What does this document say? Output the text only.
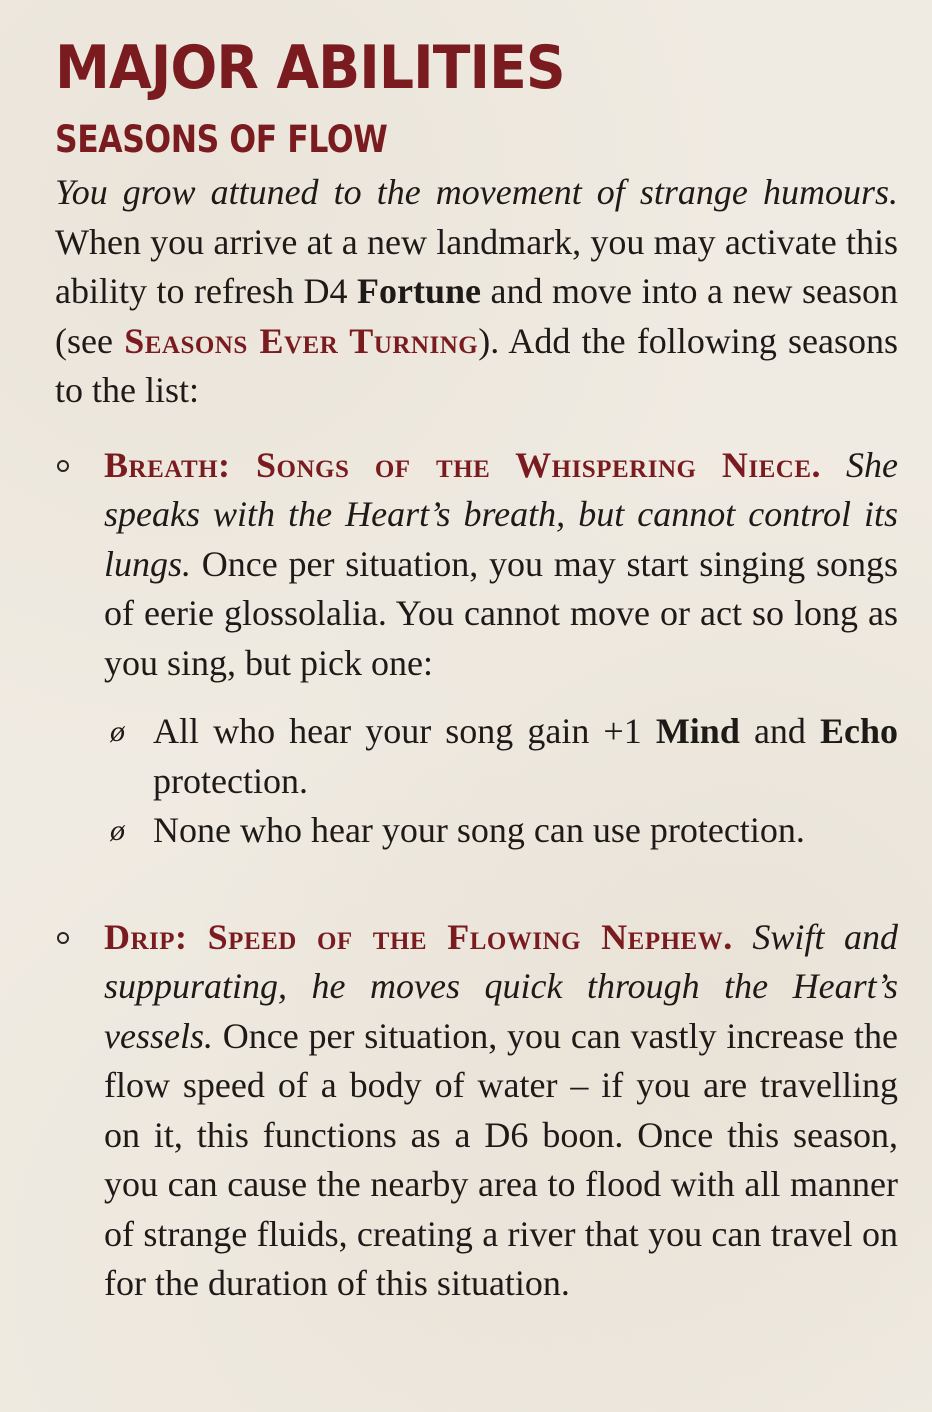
MAJOR ABILITIES
SEASONS OF FLOW

You grow attuned to the movement of strange humours. When you arrive at a new landmark, you may activate this ability to refresh D4 Fortune and move into a new season (see Seasons Ever Turning). Add the following seasons to the list:

Breath: Songs of the Whispering Niece. She speaks with the Heart’s breath, but cannot control its lungs. Once per situation, you may start singing songs of eerie glossolalia. You cannot move or act so long as you sing, but pick one:

ø All who hear your song gain +1 Mind and Echo protection.
ø None who hear your song can use protection.

Drip: Speed of the Flowing Nephew. Swift and suppurating, he moves quick through the Heart’s vessels. Once per situation, you can vastly increase the flow speed of a body of water – if you are travelling on it, this functions as a D6 boon. Once this season, you can cause the nearby area to flood with all manner of strange fluids, creating a river that you can travel on for the duration of this situation.
